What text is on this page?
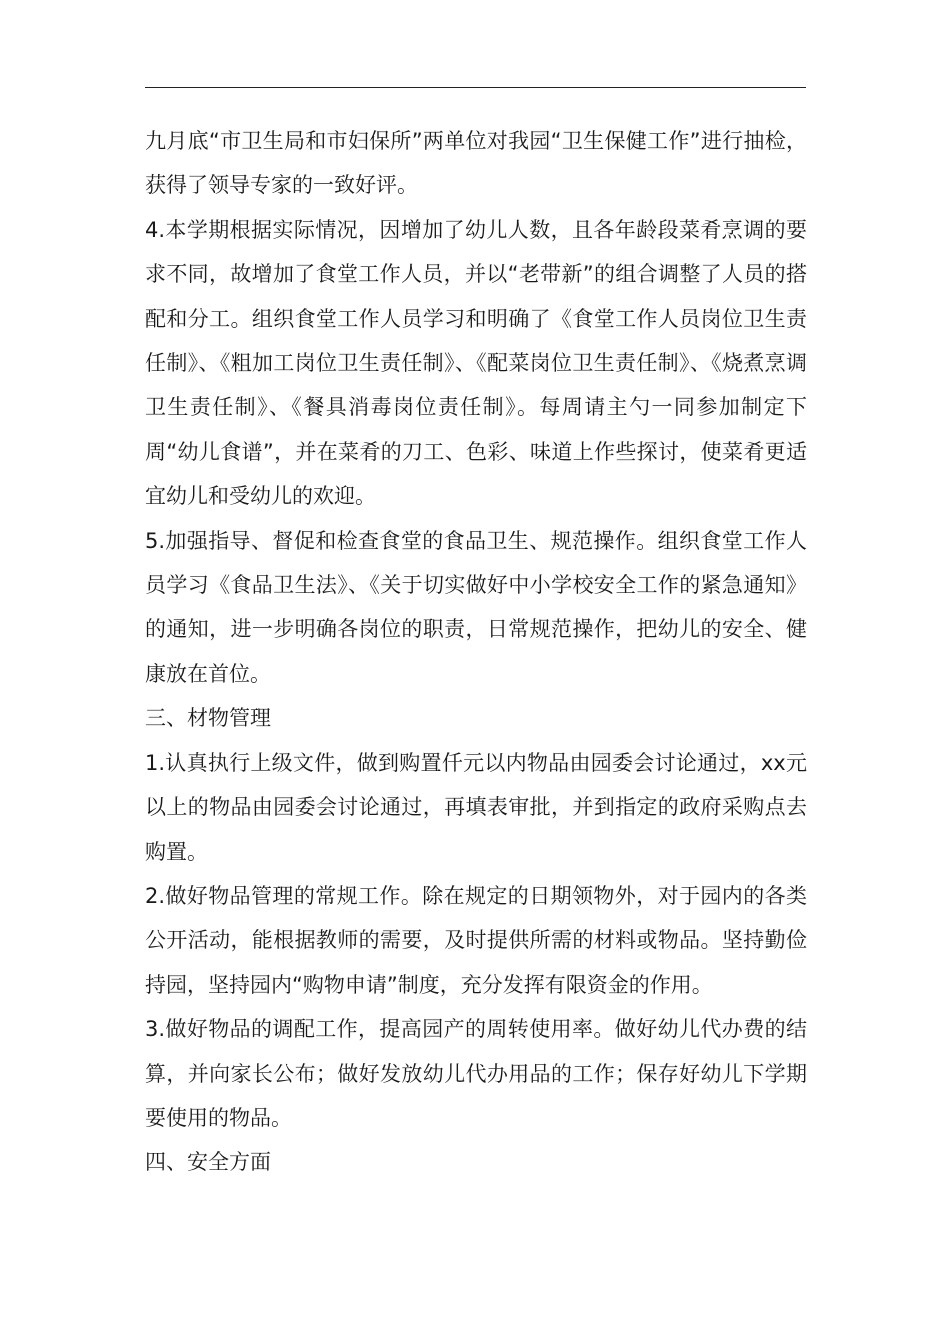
九月底“市卫生局和市妇保所”两单位对我园“卫生保健工作”进行抽检，获得了领导专家的一致好评。

4.本学期根据实际情况，因增加了幼儿人数，且各年龄段菜肴烹调的要求不同，故增加了食堂工作人员，并以“老带新”的组合调整了人员的搭配和分工。组织食堂工作人员学习和明确了《食堂工作人员岗位卫生责任制》、《粗加工岗位卫生责任制》、《配菜岗位卫生责任制》、《烧煮烹调卫生责任制》、《餐具消毒岗位责任制》。每周请主勺一同参加制定下周“幼儿食谱”，并在菜肴的刀工、色彩、味道上作些探讨，使菜肴更适宜幼儿和受幼儿的欢迎。

5.加强指导、督促和检查食堂的食品卫生、规范操作。组织食堂工作人员学习《食品卫生法》、《关于切实做好中小学校安全工作的紧急通知》的通知，进一步明确各岗位的职责，日常规范操作，把幼儿的安全、健康放在首位。

三、材物管理

1.认真执行上级文件，做到购置仟元以内物品由园委会讨论通过，xx元以上的物品由园委会讨论通过，再填表审批，并到指定的政府采购点去购置。

2.做好物品管理的常规工作。除在规定的日期领物外，对于园内的各类公开活动，能根据教师的需要，及时提供所需的材料或物品。坚持勤俭持园，坚持园内“购物申请”制度，充分发挥有限资金的作用。

3.做好物品的调配工作，提高园产的周转使用率。做好幼儿代办费的结算，并向家长公布；做好发放幼儿代办用品的工作；保存好幼儿下学期要使用的物品。

四、安全方面
